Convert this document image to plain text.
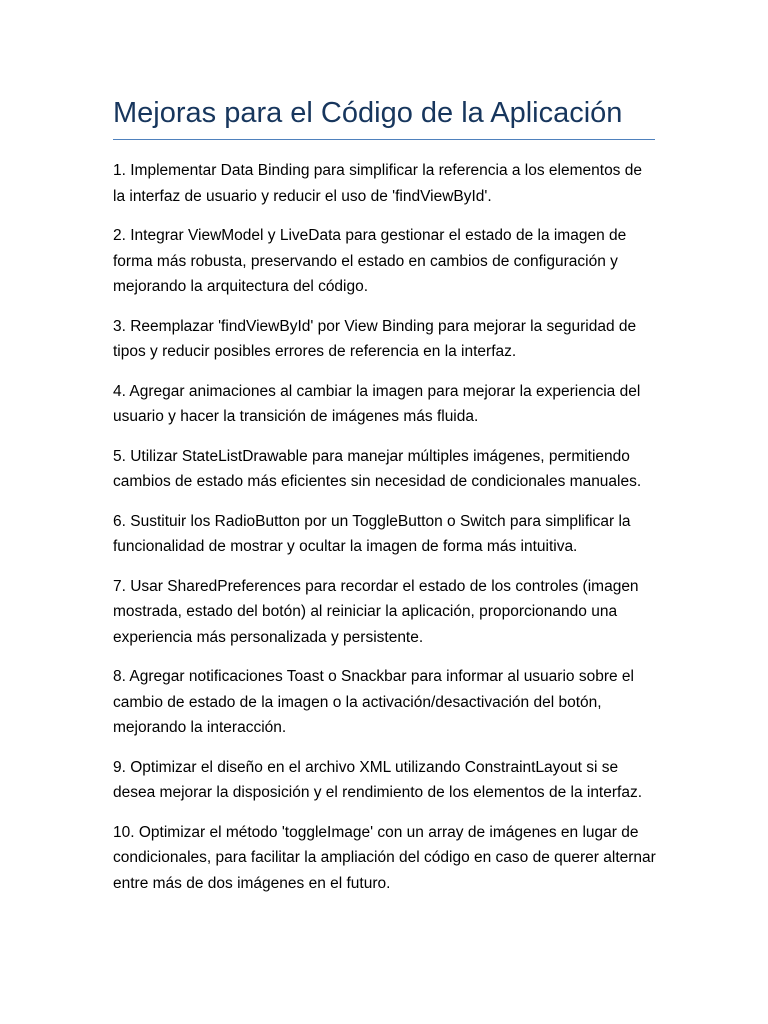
Mejoras para el Código de la Aplicación
1. Implementar Data Binding para simplificar la referencia a los elementos de la interfaz de usuario y reducir el uso de 'findViewById'.
2. Integrar ViewModel y LiveData para gestionar el estado de la imagen de forma más robusta, preservando el estado en cambios de configuración y mejorando la arquitectura del código.
3. Reemplazar 'findViewById' por View Binding para mejorar la seguridad de tipos y reducir posibles errores de referencia en la interfaz.
4. Agregar animaciones al cambiar la imagen para mejorar la experiencia del usuario y hacer la transición de imágenes más fluida.
5. Utilizar StateListDrawable para manejar múltiples imágenes, permitiendo cambios de estado más eficientes sin necesidad de condicionales manuales.
6. Sustituir los RadioButton por un ToggleButton o Switch para simplificar la funcionalidad de mostrar y ocultar la imagen de forma más intuitiva.
7. Usar SharedPreferences para recordar el estado de los controles (imagen mostrada, estado del botón) al reiniciar la aplicación, proporcionando una experiencia más personalizada y persistente.
8. Agregar notificaciones Toast o Snackbar para informar al usuario sobre el cambio de estado de la imagen o la activación/desactivación del botón, mejorando la interacción.
9. Optimizar el diseño en el archivo XML utilizando ConstraintLayout si se desea mejorar la disposición y el rendimiento de los elementos de la interfaz.
10. Optimizar el método 'toggleImage' con un array de imágenes en lugar de condicionales, para facilitar la ampliación del código en caso de querer alternar entre más de dos imágenes en el futuro.
